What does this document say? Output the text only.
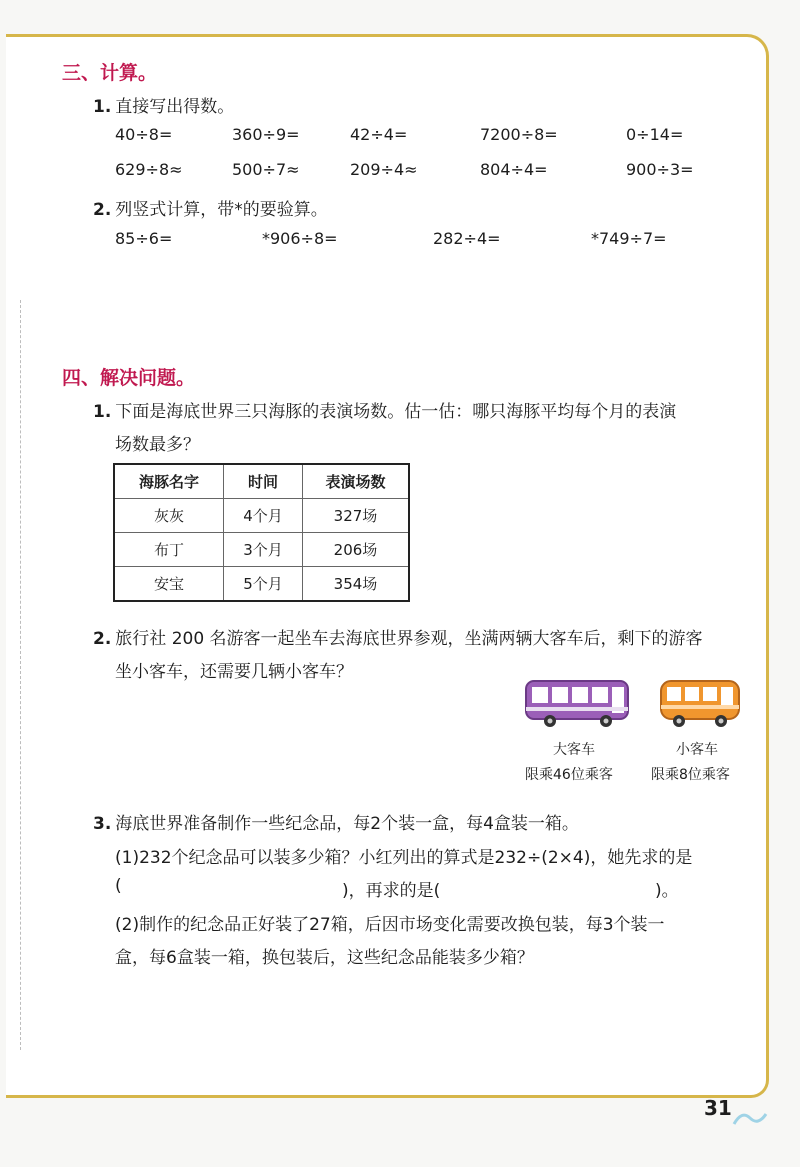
三、计算。
1. 直接写出得数。
40÷8=	360÷9=	42÷4=	7200÷8=	0÷14=
629÷8≈	500÷7≈	209÷4≈	804÷4=	900÷3=
2. 列竖式计算，带*的要验算。
85÷6=	*906÷8=	282÷4=	*749÷7=
四、解决问题。
1. 下面是海底世界三只海豚的表演场数。估一估：哪只海豚平均每个月的表演
场数最多？
海豚名字	时间	表演场数
灰灰	4个月	327场
布丁	3个月	206场
安宝	5个月	354场
2. 旅行社 200 名游客一起坐车去海底世界参观，坐满两辆大客车后，剩下的游客
坐小客车，还需要几辆小客车？
大客车
限乘46位乘客
小客车
限乘8位乘客
3. 海底世界准备制作一些纪念品，每2个装一盒，每4盒装一箱。
(1)232个纪念品可以装多少箱？小红列出的算式是232÷(2×4)，她先求的是
(	)，再求的是(	)。
(2)制作的纪念品正好装了27箱，后因市场变化需要改换包装，每3个装一
盒，每6盒装一箱，换包装后，这些纪念品能装多少箱？
31
